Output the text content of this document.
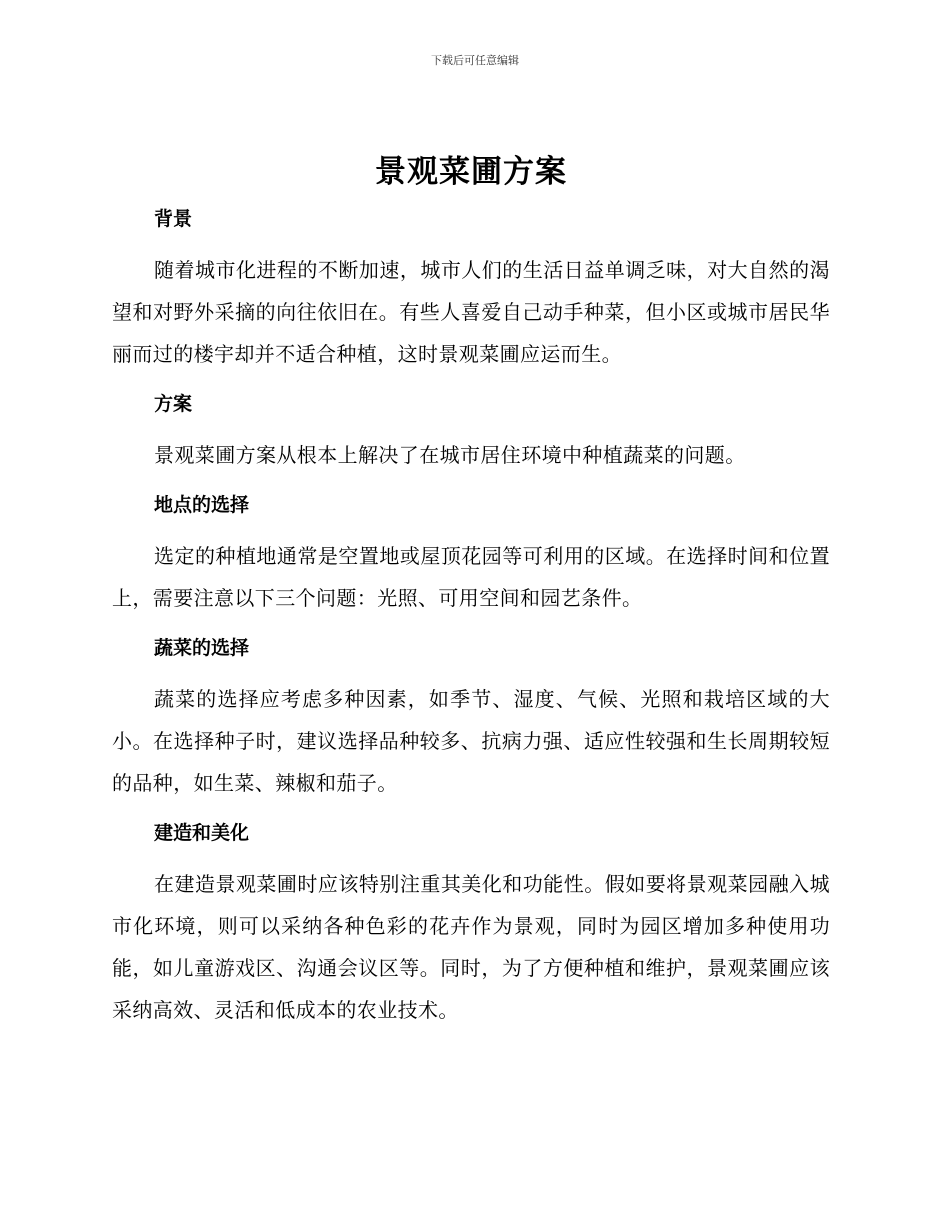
下载后可任意编辑
景观菜圃方案
背景

随着城市化进程的不断加速，城市人们的生活日益单调乏味，对大自然的渴望和对野外采摘的向往依旧在。有些人喜爱自己动手种菜，但小区或城市居民华丽而过的楼宇却并不适合种植，这时景观菜圃应运而生。

方案

景观菜圃方案从根本上解决了在城市居住环境中种植蔬菜的问题。

地点的选择

选定的种植地通常是空置地或屋顶花园等可利用的区域。在选择时间和位置上，需要注意以下三个问题：光照、可用空间和园艺条件。

蔬菜的选择

蔬菜的选择应考虑多种因素，如季节、湿度、气候、光照和栽培区域的大小。在选择种子时，建议选择品种较多、抗病力强、适应性较强和生长周期较短的品种，如生菜、辣椒和茄子。

建造和美化

在建造景观菜圃时应该特别注重其美化和功能性。假如要将景观菜园融入城市化环境，则可以采纳各种色彩的花卉作为景观，同时为园区增加多种使用功能，如儿童游戏区、沟通会议区等。同时，为了方便种植和维护，景观菜圃应该采纳高效、灵活和低成本的农业技术。
